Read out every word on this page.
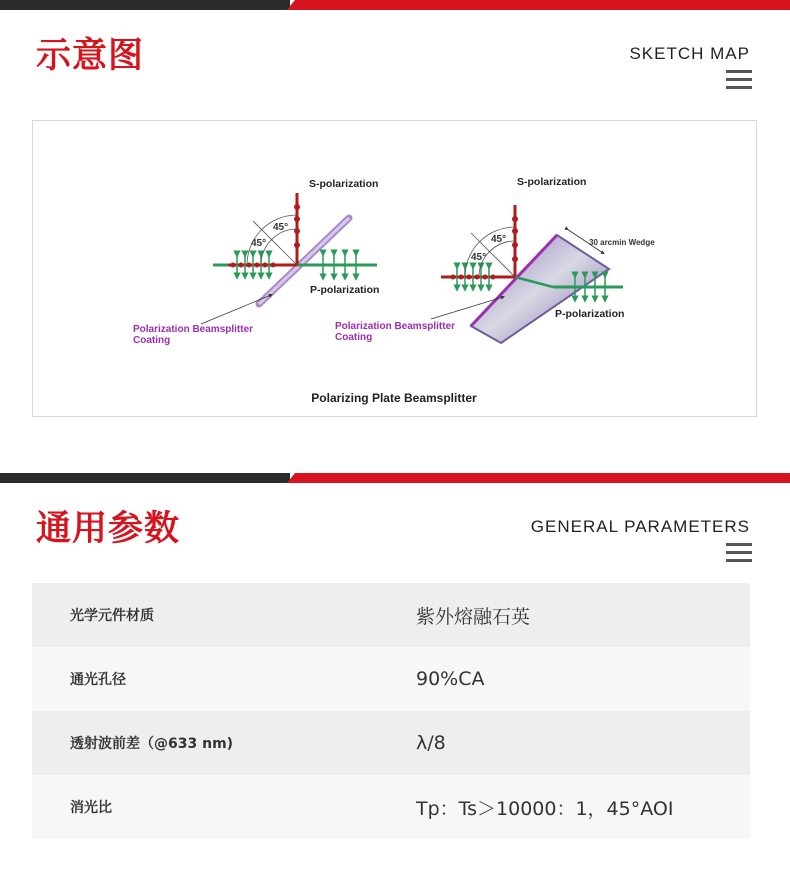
示意图	SKETCH MAP
45°
45°
S-polarization
P-polarization
Polarization Beamsplitter
Coating
45°
45°
30 arcmin Wedge
S-polarization
P-polarization
Polarization Beamsplitter
Coating
Polarizing Plate Beamsplitter
通用参数	GENERAL PARAMETERS
光学元件材质	紫外熔融石英
通光孔径	90%CA
透射波前差（@633 nm)	λ/8
消光比	Tp：Ts＞10000：1，45°AOI
